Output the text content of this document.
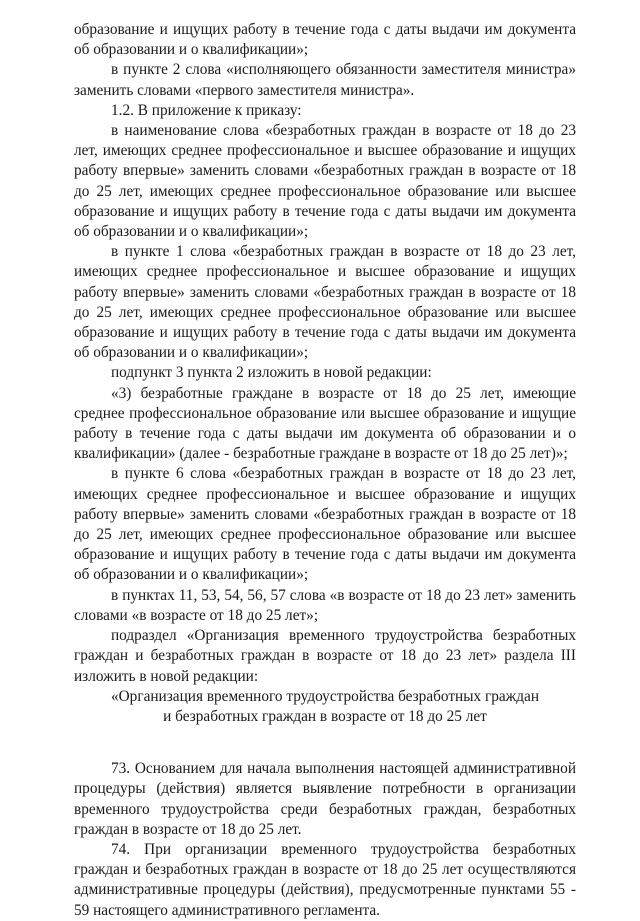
образование и ищущих работу в течение года с даты выдачи им документа об образовании и о квалификации»;

в пункте 2 слова «исполняющего обязанности заместителя министра» заменить словами «первого заместителя министра».

1.2. В приложение к приказу:

в наименование слова «безработных граждан в возрасте от 18 до 23 лет, имеющих среднее профессиональное и высшее образование и ищущих работу впервые» заменить словами «безработных граждан в возрасте от 18 до 25 лет, имеющих среднее профессиональное образование или высшее образование и ищущих работу в течение года с даты выдачи им документа об образовании и о квалификации»;

в пункте 1 слова «безработных граждан в возрасте от 18 до 23 лет, имеющих среднее профессиональное и высшее образование и ищущих работу впервые» заменить словами «безработных граждан в возрасте от 18 до 25 лет, имеющих среднее профессиональное образование или высшее образование и ищущих работу в течение года с даты выдачи им документа об образовании и о квалификации»;

подпункт 3 пункта 2 изложить в новой редакции:

«3) безработные граждане в возрасте от 18 до 25 лет, имеющие среднее профессиональное образование или высшее образование и ищущие работу в течение года с даты выдачи им документа об образовании и о квалификации» (далее - безработные граждане в возрасте от 18 до 25 лет)»;

в пункте 6 слова «безработных граждан в возрасте от 18 до 23 лет, имеющих среднее профессиональное и высшее образование и ищущих работу впервые» заменить словами «безработных граждан в возрасте от 18 до 25 лет, имеющих среднее профессиональное образование или высшее образование и ищущих работу в течение года с даты выдачи им документа об образовании и о квалификации»;

в пунктах 11, 53, 54, 56, 57 слова «в возрасте от 18 до 23 лет» заменить словами «в возрасте от 18 до 25 лет»;

подраздел «Организация временного трудоустройства безработных граждан и безработных граждан в возрасте от 18 до 23 лет» раздела III изложить в новой редакции:

«Организация временного трудоустройства безработных граждан

и безработных граждан в возрасте от 18 до 25 лет

73. Основанием для начала выполнения настоящей административной процедуры (действия) является выявление потребности в организации временного трудоустройства среди безработных граждан, безработных граждан в возрасте от 18 до 25 лет.

74. При организации временного трудоустройства безработных граждан и безработных граждан в возрасте от 18 до 25 лет осуществляются административные процедуры (действия), предусмотренные пунктами 55 - 59 настоящего административного регламента.
